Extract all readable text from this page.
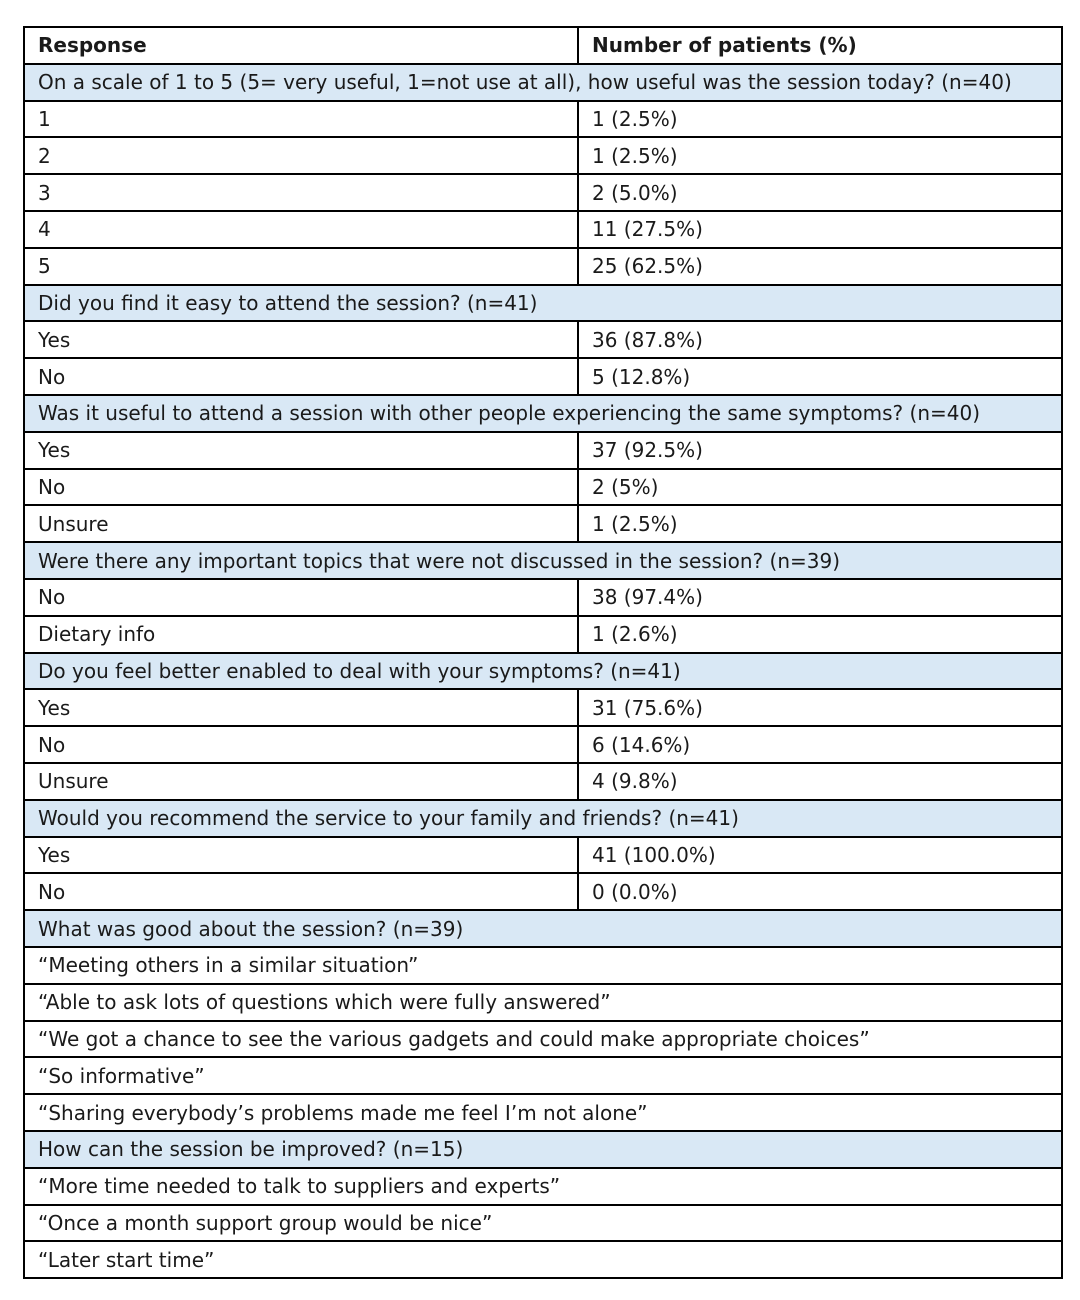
Response	Number of patients (%)
On a scale of 1 to 5 (5= very useful, 1=not use at all), how useful was the session today? (n=40)	
1	1 (2.5%)
2	1 (2.5%)
3	2 (5.0%)
4	11 (27.5%)
5	25 (62.5%)
Did you find it easy to attend the session? (n=41)	
Yes	36 (87.8%)
No	5 (12.8%)
Was it useful to attend a session with other people experiencing the same symptoms? (n=40)	
Yes	37 (92.5%)
No	2 (5%)
Unsure	1 (2.5%)
Were there any important topics that were not discussed in the session? (n=39)	
No	38 (97.4%)
Dietary info	1 (2.6%)
Do you feel better enabled to deal with your symptoms? (n=41)	
Yes	31 (75.6%)
No	6 (14.6%)
Unsure	4 (9.8%)
Would you recommend the service to your family and friends? (n=41)	
Yes	41 (100.0%)
No	0 (0.0%)
What was good about the session? (n=39)	
“Meeting others in a similar situation”	
“Able to ask lots of questions which were fully answered”	
“We got a chance to see the various gadgets and could make appropriate choices”	
“So informative”	
“Sharing everybody’s problems made me feel I’m not alone”	
How can the session be improved? (n=15)	
“More time needed to talk to suppliers and experts”	
“Once a month support group would be nice”	
“Later start time”	
